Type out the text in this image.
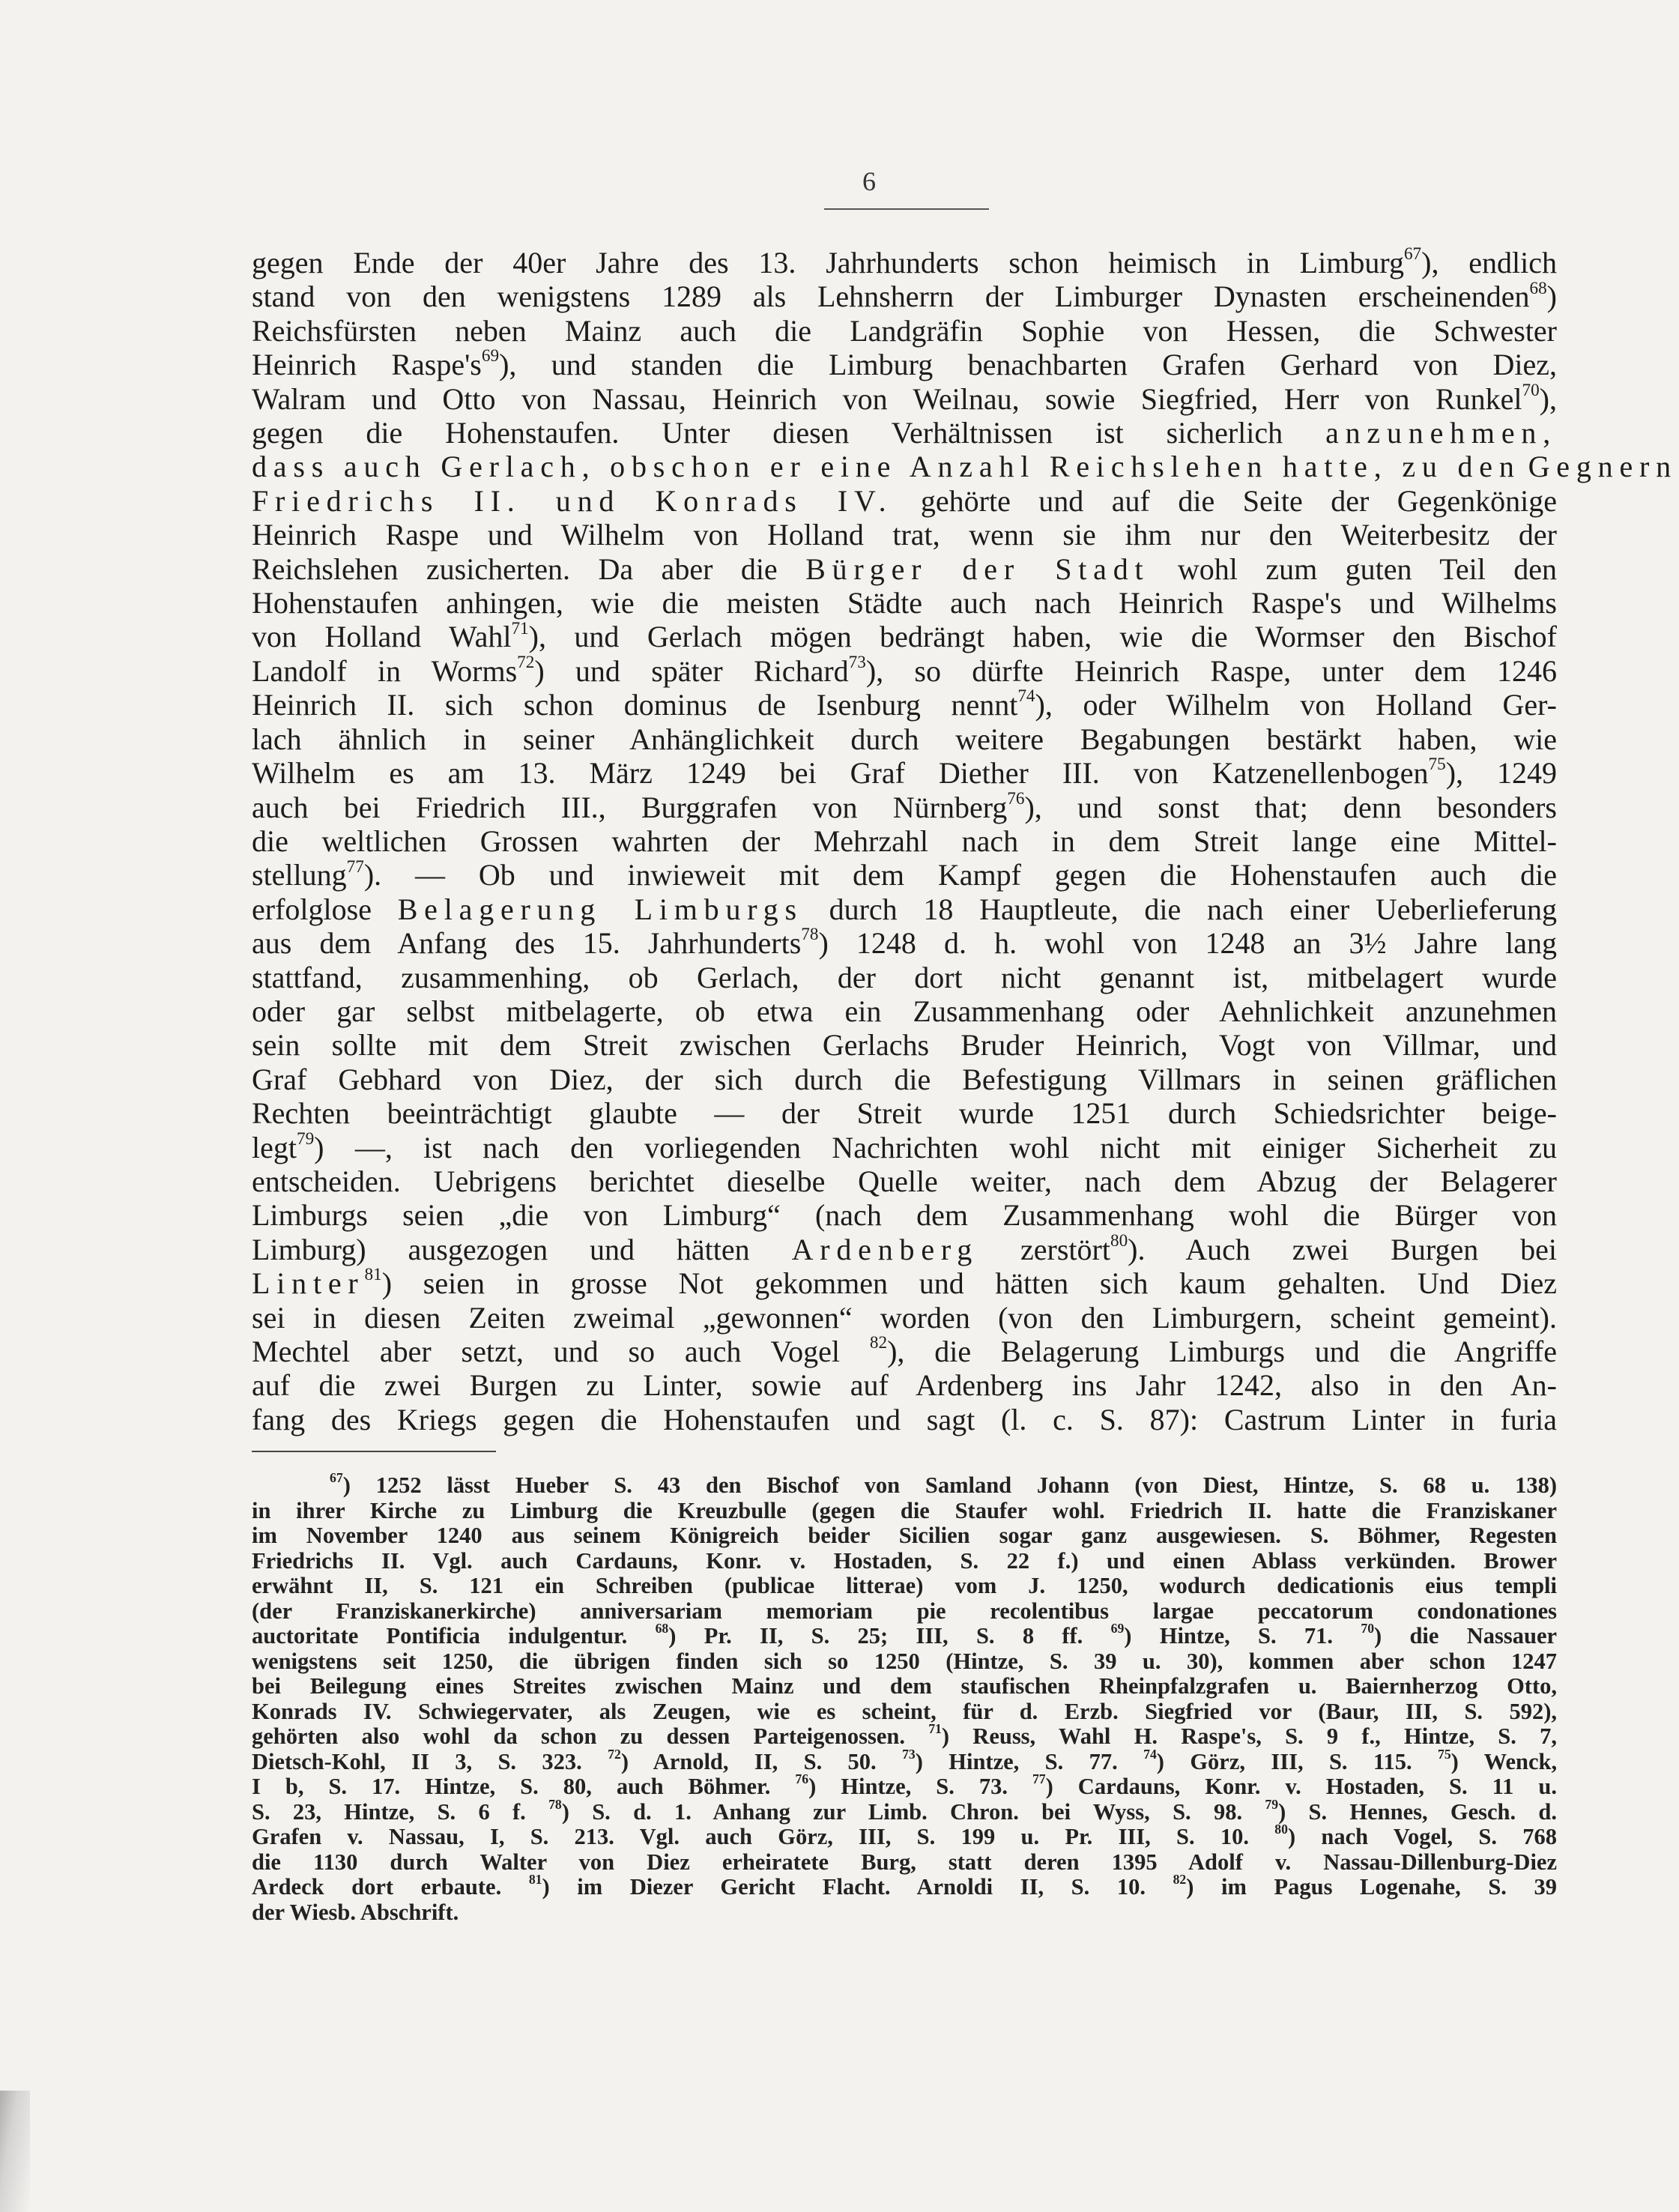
6
gegen Ende der 40er Jahre des 13. Jahrhunderts schon heimisch in Limburg$^{67}$), endlich
stand von den wenigstens 1289 als Lehnsherrn der Limburger Dynasten erscheinenden$^{68}$)
Reichsfürsten neben Mainz auch die Landgräfin Sophie von Hessen, die Schwester
Heinrich $Raspe's^{69}$), und standen die Limburg benachbarten Grafen Gerhard von Diez,
Walram und Otto von Nassau, Heinrich von Weilnau, sowie Siegfried, Herr von Runkel$^{70}$),
gegen die Hohenstaufen. Unter diesen Verhältnissen ist sicherlich anzunehmen,
dass auch Gerlach, obschon er eine Anzahl Reichslehen hatte, zu den Gegnern
Friedrichs II. und Konrads IV. gehörte und auf die Seite der Gegenkönige
Heinrich Raspe und Wilhelm von Holland trat, wenn sie ihm nur den Weiterbesitz der
Reichslehen zusicherten. Da aber die Bürger der Stadt wohl zum guten Teil den
Hohenstaufen anhingen, wie die meisten Städte auch nach Heinrich Raspe's und Wilhelms
von Holland Wahl$^{71}$), und Gerlach mögen bedrängt haben, wie die Wormser den Bischof
Landolf in Worms$^{72}$) und später Richard$^{73}$), so dürfte Heinrich Raspe, unter dem 1246
Heinrich II. sich schon dominus de Isenburg nennt$^{74}$), oder Wilhelm von Holland Ger-
lach ähnlich in seiner Anhänglichkeit durch weitere Begabungen bestärkt haben, wie
Wilhelm es am 13. März 1249 bei Graf Diether III. von Katzenellenbogen$^{75}$), 1249
auch bei Friedrich III., Burggrafen von Nürnberg$^{76}$), und sonst that; denn besonders
die weltlichen Grossen wahrten der Mehrzahl nach in dem Streit lange eine Mittel-
stellung$^{77}$). — Ob und inwieweit mit dem Kampf gegen die Hohenstaufen auch die
erfolglose Belagerung Limburgs durch 18 Hauptleute, die nach einer Ueberlieferung
aus dem Anfang des 15. Jahrhunderts$^{78}$) 1248 d. h. wohl von 1248 an 3½ Jahre lang
stattfand, zusammenhing, ob Gerlach, der dort nicht genannt ist, mitbelagert wurde
oder gar selbst mitbelagerte, ob etwa ein Zusammenhang oder Aehnlichkeit anzunehmen
sein sollte mit dem Streit zwischen Gerlachs Bruder Heinrich, Vogt von Villmar, und
Graf Gebhard von Diez, der sich durch die Befestigung Villmars in seinen gräflichen
Rechten beeinträchtigt glaubte — der Streit wurde 1251 durch Schiedsrichter beige-
legt$^{79}$) —, ist nach den vorliegenden Nachrichten wohl nicht mit einiger Sicherheit zu
entscheiden. Uebrigens berichtet dieselbe Quelle weiter, nach dem Abzug der Belagerer
Limburgs seien „die von Limburg“ (nach dem Zusammenhang wohl die Bürger von
Limburg) ausgezogen und hätten Ardenberg zerstört$^{80}$). Auch zwei Burgen bei
Linter$^{81}$) seien in grosse Not gekommen und hätten sich kaum gehalten. Und Diez
sei in diesen Zeiten zweimal „gewonnen“ worden (von den Limburgern, scheint gemeint).
Mechtel aber setzt, und so auch Vogel $^{82}$), die Belagerung Limburgs und die Angriffe
auf die zwei Burgen zu Linter, sowie auf Ardenberg ins Jahr 1242, also in den An-
fang des Kriegs gegen die Hohenstaufen und sagt (l. c. S. 87): Castrum Linter in furia
$^{67}$) 1252 lässt Hueber S. 43 den Bischof von Samland Johann (von Diest, Hintze, S. 68 u. 138)
in ihrer Kirche zu Limburg die Kreuzbulle (gegen die Staufer wohl. Friedrich II. hatte die Franziskaner
im November 1240 aus seinem Königreich beider Sicilien sogar ganz ausgewiesen. S. Böhmer, Regesten
Friedrichs II. Vgl. auch Cardauns, Konr. v. Hostaden, S. 22 f.) und einen Ablass verkünden. Brower
erwähnt II, S. 121 ein Schreiben (publicae litterae) vom J. 1250, wodurch dedicationis eius templi
(der Franziskanerkirche) anniversariam memoriam pie recolentibus largae peccatorum condonationes
auctoritate Pontificia indulgentur. $^{68}$) Pr. II, S. 25; III, S. 8 ff. $^{69}$) Hintze, S. 71. $^{70}$) die Nassauer
wenigstens seit 1250, die übrigen finden sich so 1250 (Hintze, S. 39 u. 30), kommen aber schon 1247
bei Beilegung eines Streites zwischen Mainz und dem staufischen Rheinpfalzgrafen u. Baiernherzog Otto,
Konrads IV. Schwiegervater, als Zeugen, wie es scheint, für d. Erzb. Siegfried vor (Baur, III, S. 592),
gehörten also wohl da schon zu dessen Parteigenossen. $^{71}$) Reuss, Wahl H. Raspe's, S. 9 f., Hintze, S. 7,
Dietsch-Kohl, II 3, S. 323. $^{72}$) Arnold, II, S. 50. $^{73}$) Hintze, S. 77. $^{74}$) Görz, III, S. 115. $^{75}$) Wenck,
I b, S. 17. Hintze, S. 80, auch Böhmer. $^{76}$) Hintze, S. 73. $^{77}$) Cardauns, Konr. v. Hostaden, S. 11 u.
S. 23, Hintze, S. 6 f. $^{78}$) S. d. 1. Anhang zur Limb. Chron. bei Wyss, S. 98. $^{79}$) S. Hennes, Gesch. d.
Grafen v. Nassau, I, S. 213. Vgl. auch Görz, III, S. 199 u. Pr. III, S. 10. $^{80}$) nach Vogel, S. 768
die 1130 durch Walter von Diez erheiratete Burg, statt deren 1395 Adolf v. Nassau-Dillenburg-Diez
Ardeck dort erbaute. $^{81}$) im Diezer Gericht Flacht. Arnoldi II, S. 10. $^{82}$) im Pagus Logenahe, S. 39
der Wiesb. Abschrift.
